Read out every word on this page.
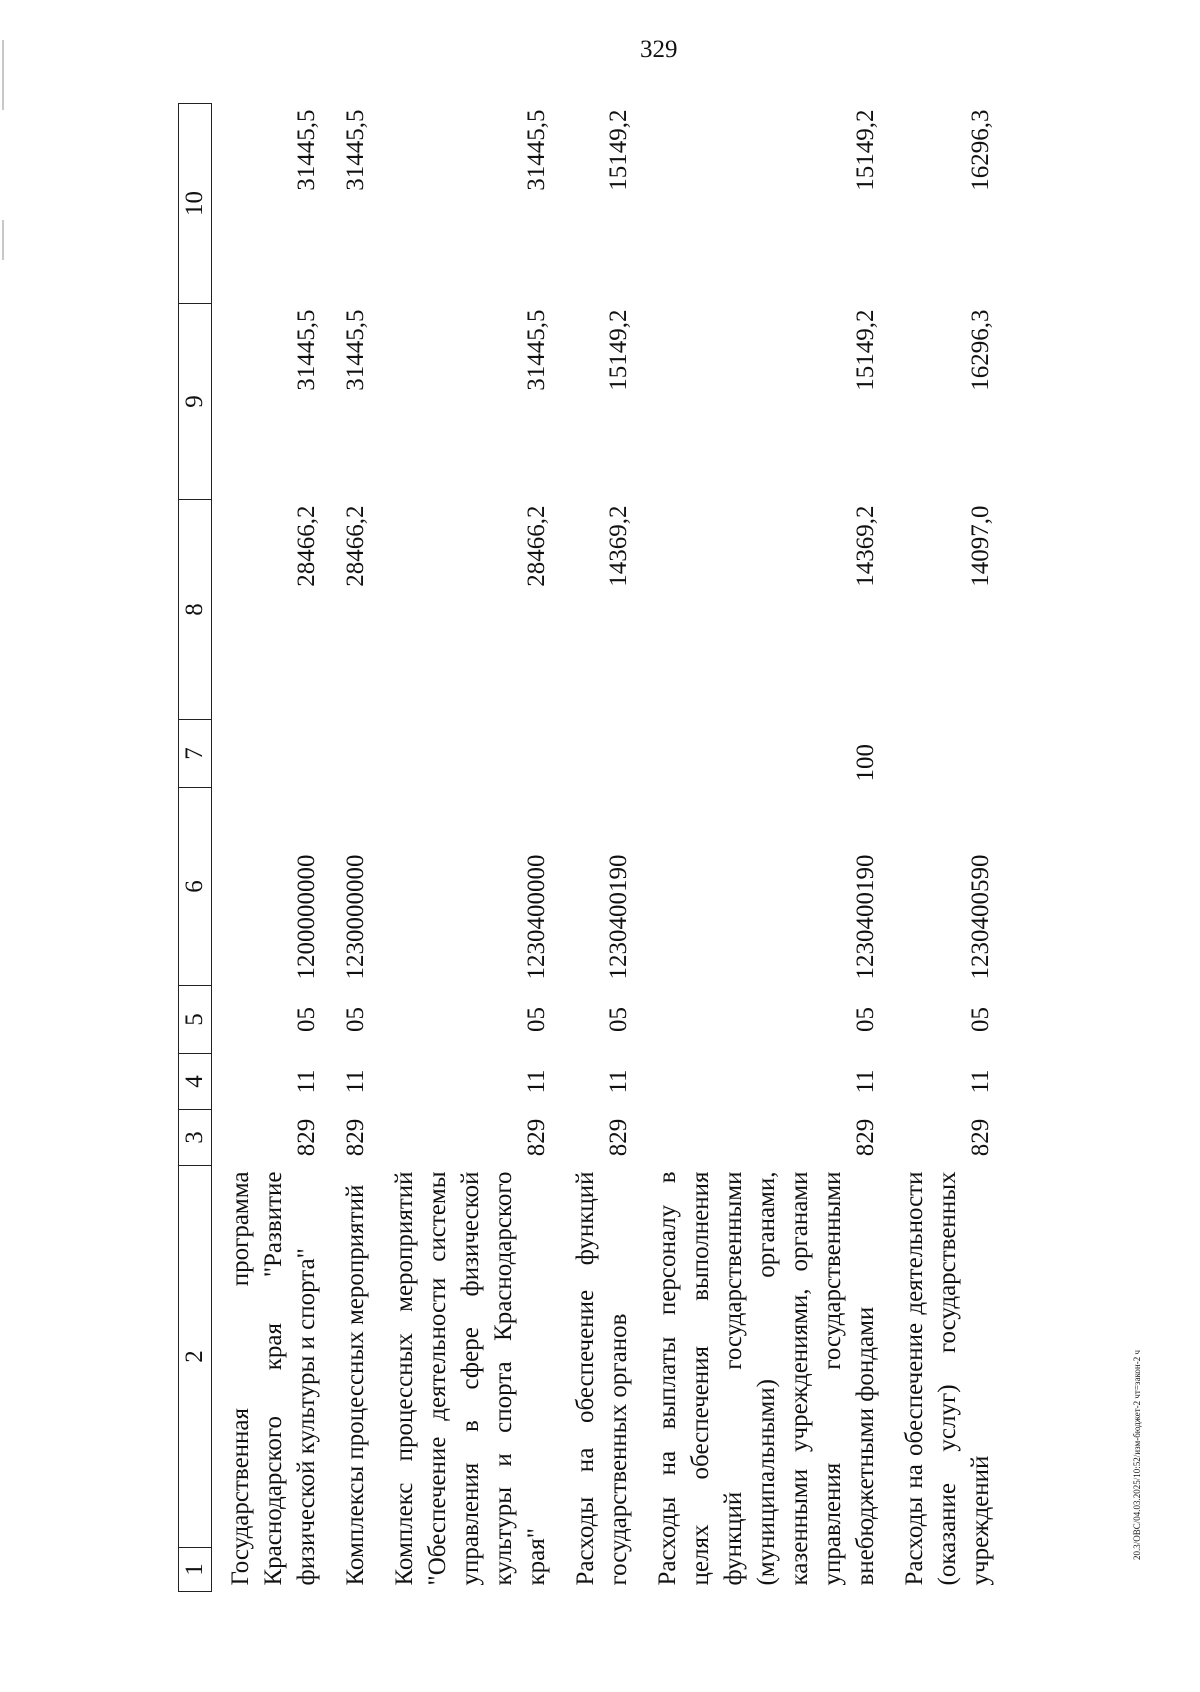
329
1	2	3	4	5	6	7	8	9	10
Государственная программа Краснодарского края "Развитие физической культуры и спорта"		829	11	05	1200000000		28466,2	31445,5	31445,5
Комплексы процессных мероприятий		829	11	05	1230000000		28466,2	31445,5	31445,5
Комплекс процессных мероприятий "Обеспечение деятельности системы управления в сфере физической культуры и спорта Краснодарского края"		829	11	05	1230400000		28466,2	31445,5	31445,5
Расходы на обеспечение функций государственных органов		829	11	05	1230400190		14369,2	15149,2	15149,2
Расходы на выплаты персоналу в целях обеспечения выполнения функций государственными (муниципальными) органами, казенными учреждениями, органами управления государственными внебюджетными фондами		829	11	05	1230400190	100	14369,2	15149,2	15149,2
Расходы на обеспечение деятельности (оказание услуг) государственных учреждений		829	11	05	1230400590		14097,0	16296,3	16296,3
20.3/ОВС/04.03.2025/10:52/изм-бюджет-2 чт=закон-2 ч
